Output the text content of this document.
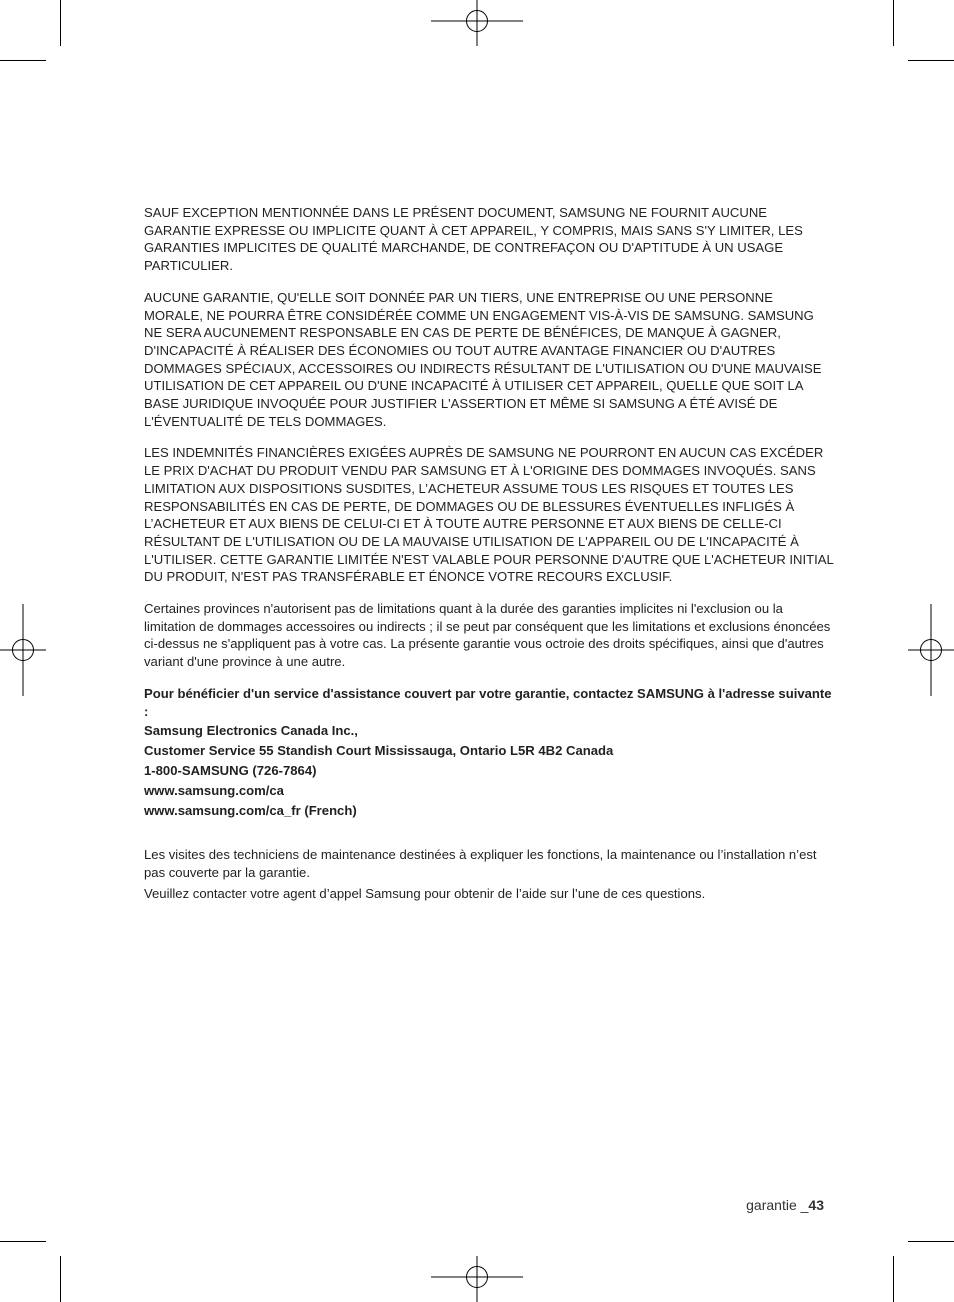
SAUF EXCEPTION MENTIONNÉE DANS LE PRÉSENT DOCUMENT, SAMSUNG NE FOURNIT AUCUNE GARANTIE EXPRESSE OU IMPLICITE QUANT À CET APPAREIL, Y COMPRIS, MAIS SANS S'Y LIMITER, LES GARANTIES IMPLICITES DE QUALITÉ MARCHANDE, DE CONTREFAÇON OU D'APTITUDE À UN USAGE PARTICULIER.

AUCUNE GARANTIE, QU'ELLE SOIT DONNÉE PAR UN TIERS, UNE ENTREPRISE OU UNE PERSONNE MORALE, NE POURRA ÊTRE CONSIDÉRÉE COMME UN ENGAGEMENT VIS-À-VIS DE SAMSUNG. SAMSUNG NE SERA AUCUNEMENT RESPONSABLE EN CAS DE PERTE DE BÉNÉFICES, DE MANQUE À GAGNER, D'INCAPACITÉ À RÉALISER DES ÉCONOMIES OU TOUT AUTRE AVANTAGE FINANCIER OU D'AUTRES DOMMAGES SPÉCIAUX, ACCESSOIRES OU INDIRECTS RÉSULTANT DE L'UTILISATION OU D'UNE MAUVAISE UTILISATION DE CET APPAREIL OU D'UNE INCAPACITÉ À UTILISER CET APPAREIL, QUELLE QUE SOIT LA BASE JURIDIQUE INVOQUÉE POUR JUSTIFIER L'ASSERTION ET MÊME SI SAMSUNG A ÉTÉ AVISÉ DE L'ÉVENTUALITÉ DE TELS DOMMAGES.

LES INDEMNITÉS FINANCIÈRES EXIGÉES AUPRÈS DE SAMSUNG NE POURRONT EN AUCUN CAS EXCÉDER LE PRIX D'ACHAT DU PRODUIT VENDU PAR SAMSUNG ET À L'ORIGINE DES DOMMAGES INVOQUÉS. SANS LIMITATION AUX DISPOSITIONS SUSDITES, L’ACHETEUR ASSUME TOUS LES RISQUES ET TOUTES LES RESPONSABILITÉS EN CAS DE PERTE, DE DOMMAGES OU DE BLESSURES ÉVENTUELLES INFLIGÉS À L’ACHETEUR ET AUX BIENS DE CELUI-CI ET À TOUTE AUTRE PERSONNE ET AUX BIENS DE CELLE-CI RÉSULTANT DE L'UTILISATION OU DE LA MAUVAISE UTILISATION DE L'APPAREIL OU DE L'INCAPACITÉ À L'UTILISER. CETTE GARANTIE LIMITÉE N'EST VALABLE POUR PERSONNE D'AUTRE QUE L'ACHETEUR INITIAL DU PRODUIT, N'EST PAS TRANSFÉRABLE ET ÉNONCE VOTRE RECOURS EXCLUSIF.

Certaines provinces n'autorisent pas de limitations quant à la durée des garanties implicites ni l'exclusion ou la limitation de dommages accessoires ou indirects ; il se peut par conséquent que les limitations et exclusions énoncées ci-dessus ne s'appliquent pas à votre cas. La présente garantie vous octroie des droits spécifiques, ainsi que d'autres variant d'une province à une autre.

Pour bénéficier d'un service d'assistance couvert par votre garantie, contactez SAMSUNG à l'adresse suivante :
Samsung Electronics Canada Inc.,
Customer Service 55 Standish Court Mississauga, Ontario L5R 4B2 Canada
1-800-SAMSUNG (726-7864)
www.samsung.com/ca
www.samsung.com/ca_fr (French)

Les visites des techniciens de maintenance destinées à expliquer les fonctions, la maintenance ou l’installation n’est pas couverte par la garantie.

Veuillez contacter votre agent d’appel Samsung pour obtenir de l’aide sur l’une de ces questions.

garantie _43
